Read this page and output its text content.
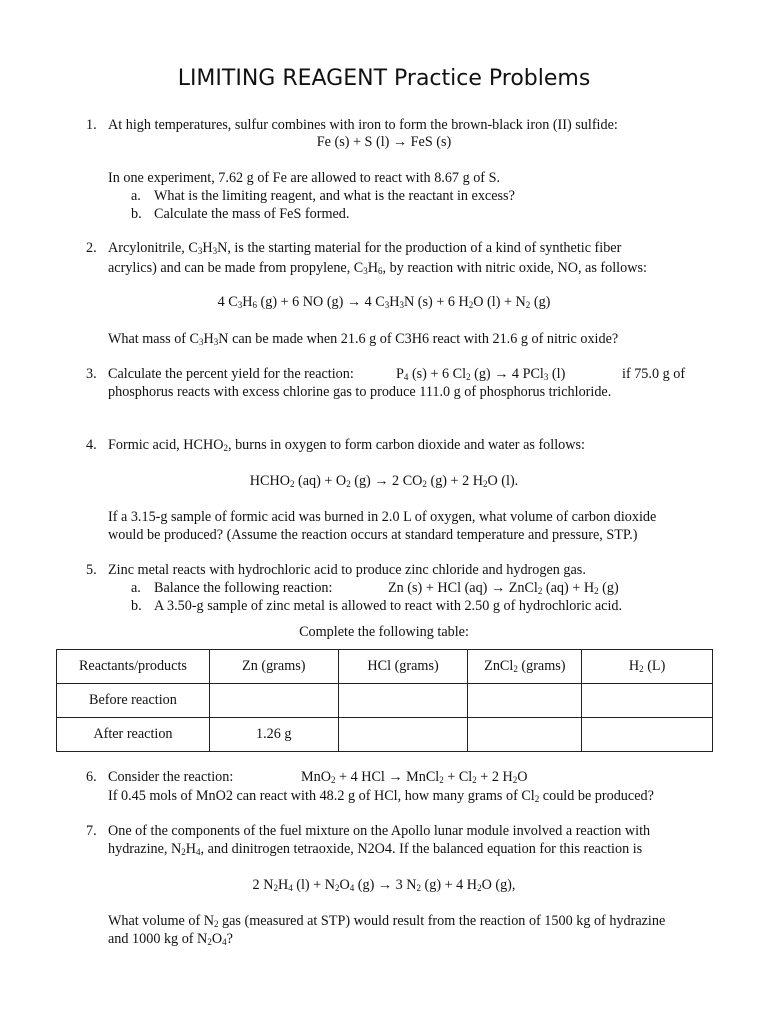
LIMITING REAGENT Practice Problems
1. At high temperatures, sulfur combines with iron to form the brown-black iron (II) sulfide:
Fe (s) + S (l) → FeS (s)
In one experiment, 7.62 g of Fe are allowed to react with 8.67 g of S.
a. What is the limiting reagent, and what is the reactant in excess?
b. Calculate the mass of FeS formed.
2. Arcylonitrile, $C_3H_3N$, is the starting material for the production of a kind of synthetic fiber
acrylics) and can be made from propylene, $C_3H_6$, by reaction with nitric oxide, NO, as follows:
4 $C_3H_6$ (g) + 6 NO (g) → 4 $C_3H_3N$ (s) + 6 $H_2O$ $(l) + N_2$ (g)
What mass of $C_3H_3N$ can be made when 21.6 g of C3H6 react with 21.6 g of nitric oxide?
3. Calculate the percent yield for the reaction:	$P_4$ (s) + 6 $Cl_2$ (g) → 4 PCl$_3$ (l)	if 75.0 g of
phosphorus reacts with excess chlorine gas to produce 111.0 g of phosphorus trichloride.
4. Formic acid, $HCHO_2$, burns in oxygen to form carbon dioxide and water as follows:
$HCHO_2$ $(aq) + O_2$ (g) → 2 $CO_2$ (g) + 2 $H_2O$ (l).
If a 3.15-g sample of formic acid was burned in 2.0 L of oxygen, what volume of carbon dioxide
would be produced? (Assume the reaction occurs at standard temperature and pressure, STP.)
5. Zinc metal reacts with hydrochloric acid to produce zinc chloride and hydrogen gas.
a. Balance the following reaction:	Zn (s) + HCl (aq) → ZnCl$_2$ $(aq) + H_2$ (g)
b. A 3.50-g sample of zinc metal is allowed to react with 2.50 g of hydrochloric acid.
Complete the following table:
Reactants/products	Zn (grams)	HCl (grams)	ZnCl$_2$ (grams)	$H_2$ (L)
Before reaction				
After reaction	1.26 g			
6. Consider the reaction:	MnO$_2$ + 4 HCl → MnCl$_2$ + $Cl_2 + 2$ $H_2O$
If 0.45 mols of MnO2 can react with 48.2 g of HCl, how many grams of $Cl_2$ could be produced?
7. One of the components of the fuel mixture on the Apollo lunar module involved a reaction with
hydrazine, $N_2H_4$, and dinitrogen tetraoxide, N2O4. If the balanced equation for this reaction is
2 $N_2H_4$ $(l) + N_2O_4$ (g) → 3 $N_2$ (g) + 4 $H_2O$ (g),
What volume of $N_2$ gas (measured at STP) would result from the reaction of 1500 kg of hydrazine
and 1000 kg of $N_2O_4$?
